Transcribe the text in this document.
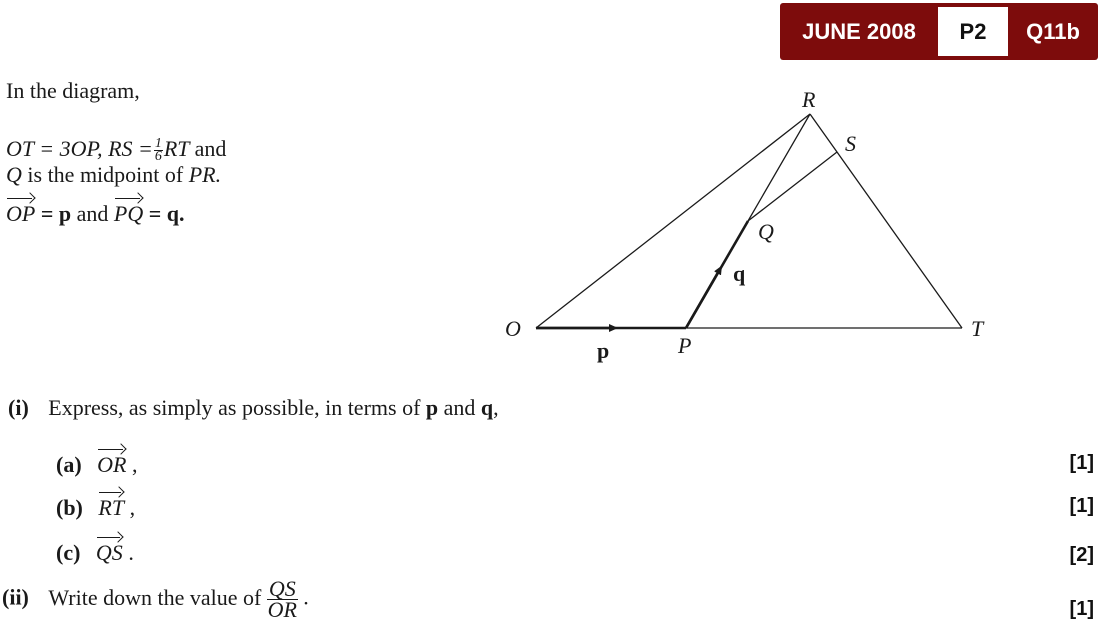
JUNE 2008	P2	Q11b
In the diagram,
OT = 3OP, RS = $\frac{1}{6}$ RT and
Q is the midpoint of PR.
OP = p and PQ = q.
O
P
T
R
S
Q
p
q
(i) Express, as simply as possible, in terms of p and q,
(a) OR ,	[1]
(b) RT ,	[1]
(c) QS .	[2]
(ii) Write down the value of $\frac{QS}{OR}$ .	[1]
